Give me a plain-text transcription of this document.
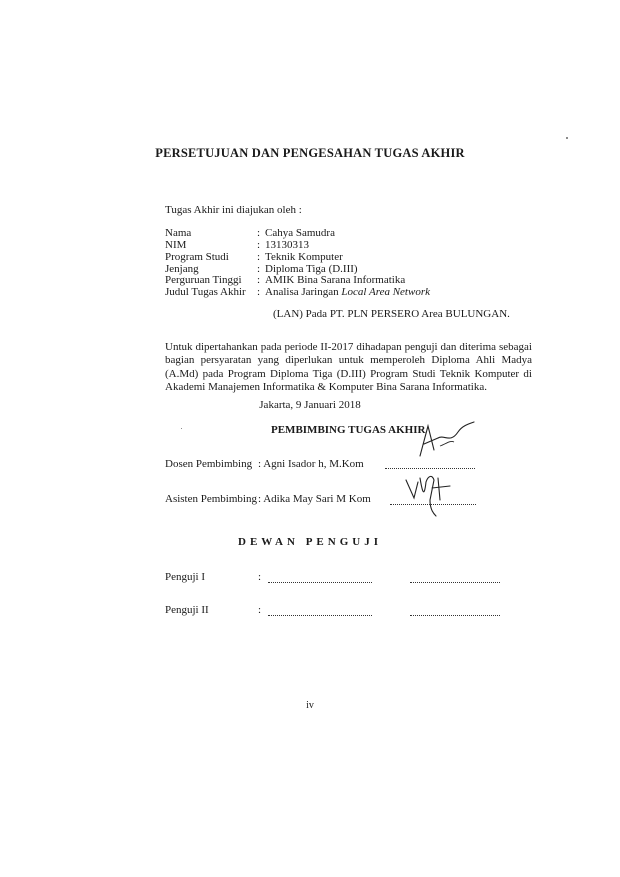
PERSETUJUAN DAN PENGESAHAN TUGAS AKHIR
Tugas Akhir ini diajukan oleh :
Nama	: Cahya Samudra
NIM	: 13130313
Program Studi	: Teknik Komputer
Jenjang	: Diploma Tiga (D.III)
Perguruan Tinggi : AMIK Bina Sarana Informatika
Judul Tugas Akhir : Analisa Jaringan Local Area Network
(LAN) Pada PT. PLN PERSERO Area BULUNGAN.
Untuk dipertahankan pada periode II-2017 dihadapan penguji dan diterima sebagai bagian persyaratan yang diperlukan untuk memperoleh Diploma Ahli Madya (A.Md) pada Program Diploma Tiga (D.III) Program Studi Teknik Komputer di Akademi Manajemen Informatika & Komputer Bina Sarana Informatika.
Jakarta, 9 Januari 2018
PEMBIMBING TUGAS AKHIR
Dosen Pembimbing : Agni Isador h, M.Kom
Asisten Pembimbing : Adika May Sari M Kom
DEWAN PENGUJI
Penguji I	:
Penguji II	:
iv
